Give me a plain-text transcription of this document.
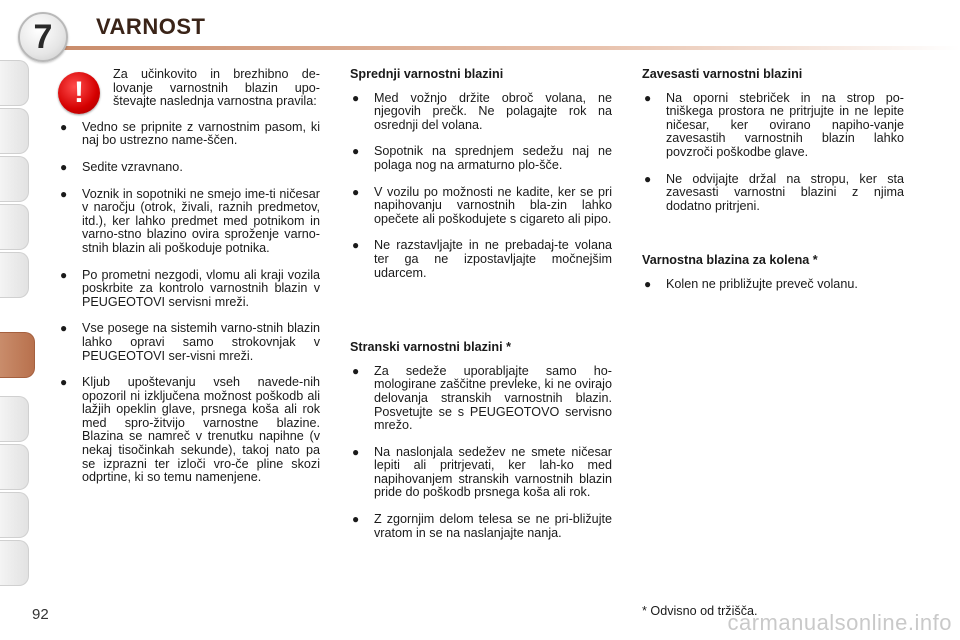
7	VARNOST
!
Za učinkovito in brezhibno de-lovanje varnostnih blazin upo-števajte naslednja varnostna pravila:
● Vedno se pripnite z varnostnim pasom, ki naj bo ustrezno name-ščen.
● Sedite vzravnano.
● Voznik in sopotniki ne smejo ime-ti ničesar v naročju (otrok, živali, raznih predmetov, itd.), ker lahko predmet med potnikom in varno-stno blazino ovira sproženje varno-stnih blazin ali poškoduje potnika.
● Po prometni nezgodi, vlomu ali kraji vozila poskrbite za kontrolo varnostnih blazin v PEUGEOTOVI servisni mreži.
● Vse posege na sistemih varno-stnih blazin lahko opravi samo strokovnjak v PEUGEOTOVI ser-visni mreži.
● Kljub upoštevanju vseh navede-nih opozoril ni izključena možnost poškodb ali lažjih opeklin glave, prsnega koša ali rok med spro-žitvijo varnostne blazine. Blazina se namreč v trenutku napihne (v nekaj tisočinkah sekunde), takoj nato pa se izprazni ter izloči vro-če pline skozi odprtine, ki so temu namenjene.
Sprednji varnostni blazini
● Med vožnjo držite obroč volana, ne njegovih prečk. Ne polagajte rok na osrednji del volana.
● Sopotnik na sprednjem sedežu naj ne polaga nog na armaturno plo-šče.
● V vozilu po možnosti ne kadite, ker se pri napihovanju varnostnih bla-zin lahko opečete ali poškodujete s cigareto ali pipo.
● Ne razstavljajte in ne prebadaj-te volana ter ga ne izpostavljajte močnejšim udarcem.
Stranski varnostni blazini *
● Za sedeže uporabljajte samo ho-mologirane zaščitne prevleke, ki ne ovirajo delovanja stranskih varnostnih blazin. Posvetujte se s PEUGEOTOVO servisno mrežo.
● Na naslonjala sedežev ne smete ničesar lepiti ali pritrjevati, ker lah-ko med napihovanjem stranskih varnostnih blazin pride do poškodb prsnega koša ali rok.
● Z zgornjim delom telesa se ne pri-bližujte vratom in se na naslanjajte nanja.
Zavesasti varnostni blazini
● Na oporni stebriček in na strop po-tniškega prostora ne pritrjujte in ne lepite ničesar, ker ovirano napiho-vanje zavesastih varnostnih blazin lahko povzroči poškodbe glave.
● Ne odvijajte držal na stropu, ker sta zavesasti varnostni blazini z njima dodatno pritrjeni.
Varnostna blazina za kolena *
● Kolen ne približujte preveč volanu.
92	* Odvisno od tržišča.
carmanualsonline.info
